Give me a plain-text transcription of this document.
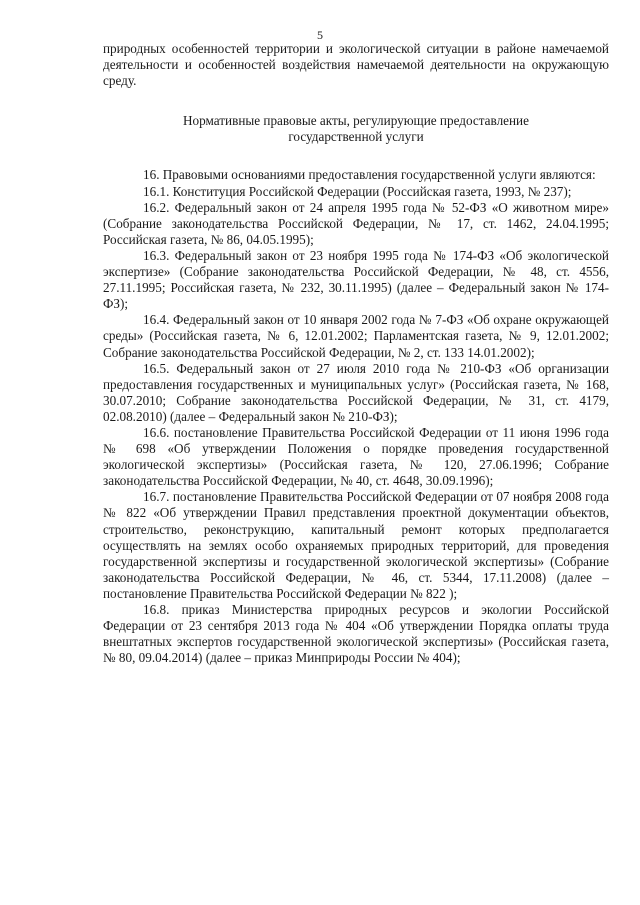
5

природных особенностей территории и экологической ситуации в районе намечаемой деятельности и особенностей воздействия намечаемой деятельности на окружающую среду.

Нормативные правовые акты, регулирующие предоставление
государственной услуги

16. Правовыми основаниями предоставления государственной услуги являются:

16.1. Конституция Российской Федерации (Российская газета, 1993, № 237);

16.2. Федеральный закон от 24 апреля 1995 года № 52-ФЗ «О животном мире» (Собрание законодательства Российской Федерации, № 17, ст. 1462, 24.04.1995; Российская газета, № 86, 04.05.1995);

16.3. Федеральный закон от 23 ноября 1995 года № 174-ФЗ «Об экологической экспертизе» (Собрание законодательства Российской Федерации, № 48, ст. 4556, 27.11.1995; Российская газета, № 232, 30.11.1995) (далее – Федеральный закон № 174-ФЗ);

16.4. Федеральный закон от 10 января 2002 года № 7-ФЗ «Об охране окружающей среды» (Российская газета, № 6, 12.01.2002; Парламентская газета, № 9, 12.01.2002; Собрание законодательства Российской Федерации, № 2, ст. 133 14.01.2002);

16.5. Федеральный закон от 27 июля 2010 года № 210-ФЗ «Об организации предоставления государственных и муниципальных услуг» (Российская газета, № 168, 30.07.2010; Собрание законодательства Российской Федерации, № 31, ст. 4179, 02.08.2010) (далее – Федеральный закон № 210-ФЗ);

16.6. постановление Правительства Российской Федерации от 11 июня 1996 года № 698 «Об утверждении Положения о порядке проведения государственной экологической экспертизы» (Российская газета, № 120, 27.06.1996; Собрание законодательства Российской Федерации, № 40, ст. 4648, 30.09.1996);

16.7. постановление Правительства Российской Федерации от 07 ноября 2008 года № 822 «Об утверждении Правил представления проектной документации объектов, строительство, реконструкцию, капитальный ремонт которых предполагается осуществлять на землях особо охраняемых природных территорий, для проведения государственной экспертизы и государственной экологической экспертизы» (Собрание законодательства Российской Федерации, № 46, ст. 5344, 17.11.2008) (далее – постановление Правительства Российской Федерации № 822 );

16.8. приказ Министерства природных ресурсов и экологии Российской Федерации от 23 сентября 2013 года № 404 «Об утверждении Порядка оплаты труда внештатных экспертов государственной экологической экспертизы» (Российская газета, № 80, 09.04.2014) (далее – приказ Минприроды России № 404);
